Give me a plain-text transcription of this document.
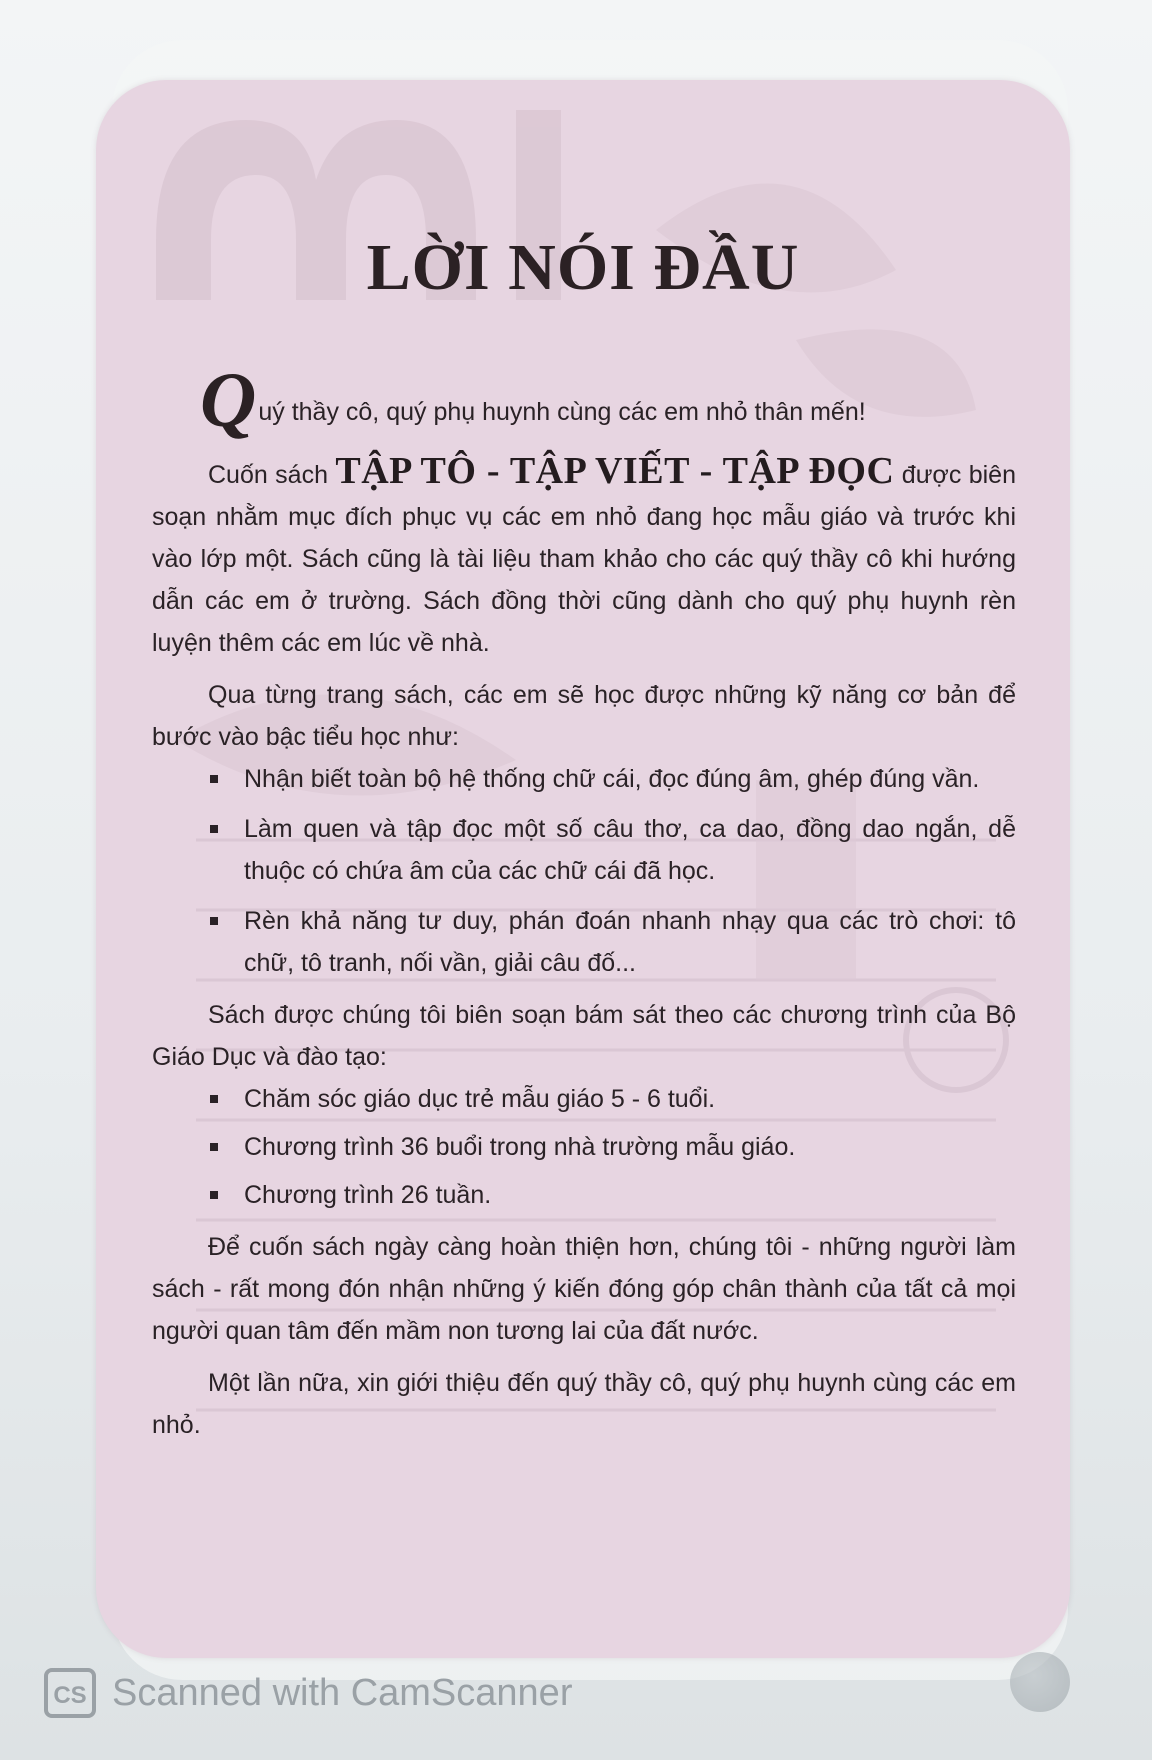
LỜI NÓI ĐẦU

Quý thầy cô, quý phụ huynh cùng các em nhỏ thân mến!

Cuốn sách TẬP TÔ - TẬP VIẾT - TẬP ĐỌC được biên soạn nhằm mục đích phục vụ các em nhỏ đang học mẫu giáo và trước khi vào lớp một. Sách cũng là tài liệu tham khảo cho các quý thầy cô khi hướng dẫn các em ở trường. Sách đồng thời cũng dành cho quý phụ huynh rèn luyện thêm các em lúc về nhà.

Qua từng trang sách, các em sẽ học được những kỹ năng cơ bản để bước vào bậc tiểu học như:

Nhận biết toàn bộ hệ thống chữ cái, đọc đúng âm, ghép đúng vần.
Làm quen và tập đọc một số câu thơ, ca dao, đồng dao ngắn, dễ thuộc có chứa âm của các chữ cái đã học.
Rèn khả năng tư duy, phán đoán nhanh nhạy qua các trò chơi: tô chữ, tô tranh, nối vần, giải câu đố...

Sách được chúng tôi biên soạn bám sát theo các chương trình của Bộ Giáo Dục và đào tạo:

Chăm sóc giáo dục trẻ mẫu giáo 5 - 6 tuổi.
Chương trình 36 buổi trong nhà trường mẫu giáo.
Chương trình 26 tuần.

Để cuốn sách ngày càng hoàn thiện hơn, chúng tôi - những người làm sách - rất mong đón nhận những ý kiến đóng góp chân thành của tất cả mọi người quan tâm đến mầm non tương lai của đất nước.

Một lần nữa, xin giới thiệu đến quý thầy cô, quý phụ huynh cùng các em nhỏ.

CS Scanned with CamScanner
